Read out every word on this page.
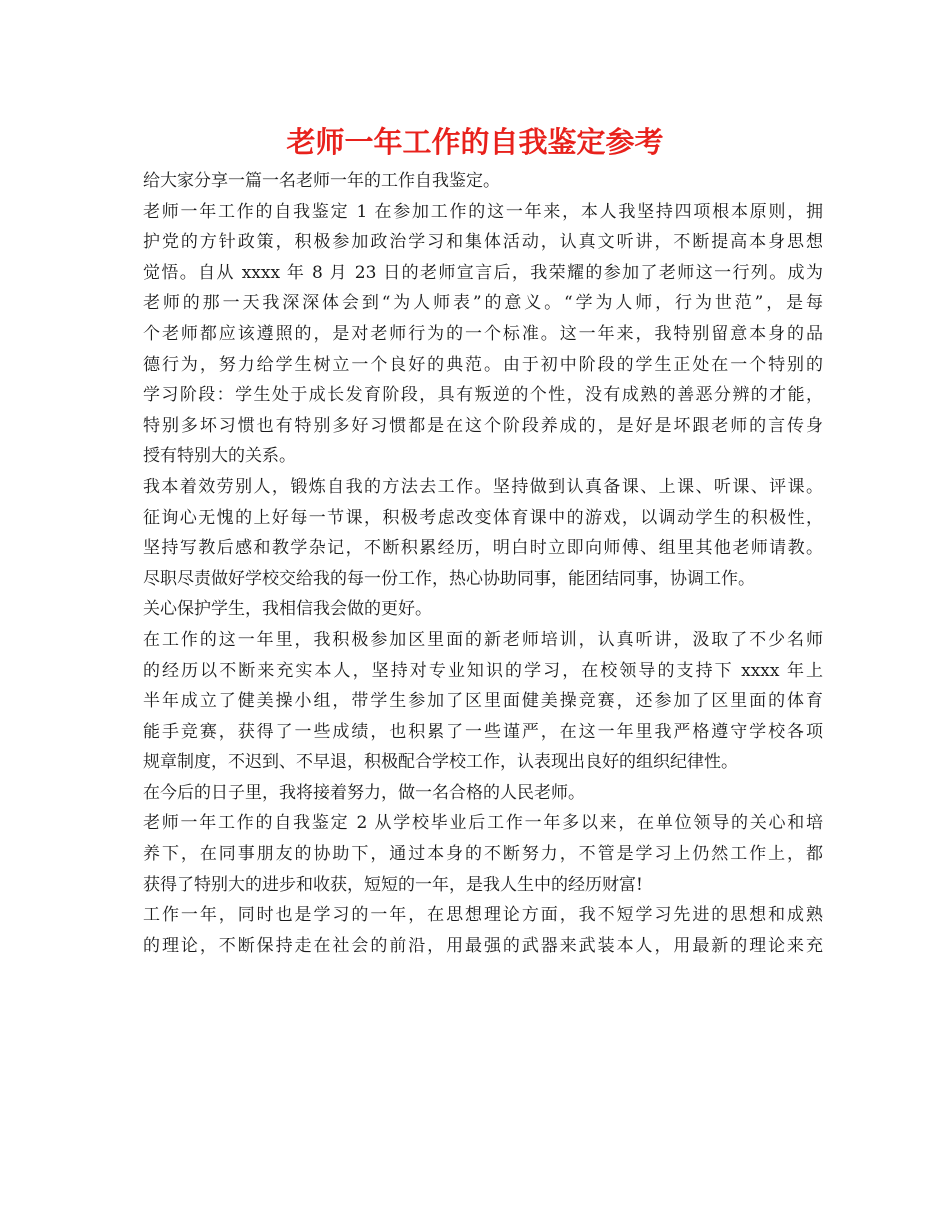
老师一年工作的自我鉴定参考
给大家分享一篇一名老师一年的工作自我鉴定。
老师一年工作的自我鉴定 1 在参加工作的这一年来，本人我坚持四项根本原则，拥
护党的方针政策，积极参加政治学习和集体活动，认真文听讲，不断提高本身思想
觉悟。自从 xxxx 年 8 月 23 日的老师宣言后，我荣耀的参加了老师这一行列。成为
老师的那一天我深深体会到“为人师表”的意义。“学为人师，行为世范”，是每
个老师都应该遵照的，是对老师行为的一个标准。这一年来，我特别留意本身的品
德行为，努力给学生树立一个良好的典范。由于初中阶段的学生正处在一个特别的
学习阶段：学生处于成长发育阶段，具有叛逆的个性，没有成熟的善恶分辨的才能，
特别多坏习惯也有特别多好习惯都是在这个阶段养成的，是好是坏跟老师的言传身
授有特别大的关系。
我本着效劳别人，锻炼自我的方法去工作。坚持做到认真备课、上课、听课、评课。
征询心无愧的上好每一节课，积极考虑改变体育课中的游戏，以调动学生的积极性，
坚持写教后感和教学杂记，不断积累经历，明白时立即向师傅、组里其他老师请教。
尽职尽责做好学校交给我的每一份工作，热心协助同事，能团结同事，协调工作。
关心保护学生，我相信我会做的更好。
在工作的这一年里，我积极参加区里面的新老师培训，认真听讲，汲取了不少名师
的经历以不断来充实本人，坚持对专业知识的学习，在校领导的支持下 xxxx 年上
半年成立了健美操小组，带学生参加了区里面健美操竞赛，还参加了区里面的体育
能手竞赛，获得了一些成绩，也积累了一些谨严，在这一年里我严格遵守学校各项
规章制度，不迟到、不早退，积极配合学校工作，认表现出良好的组织纪律性。
在今后的日子里，我将接着努力，做一名合格的人民老师。
老师一年工作的自我鉴定 2 从学校毕业后工作一年多以来，在单位领导的关心和培
养下，在同事朋友的协助下，通过本身的不断努力，不管是学习上仍然工作上，都
获得了特别大的进步和收获，短短的一年，是我人生中的经历财富!
工作一年，同时也是学习的一年，在思想理论方面，我不短学习先进的思想和成熟
的理论，不断保持走在社会的前沿，用最强的武器来武装本人，用最新的理论来充
